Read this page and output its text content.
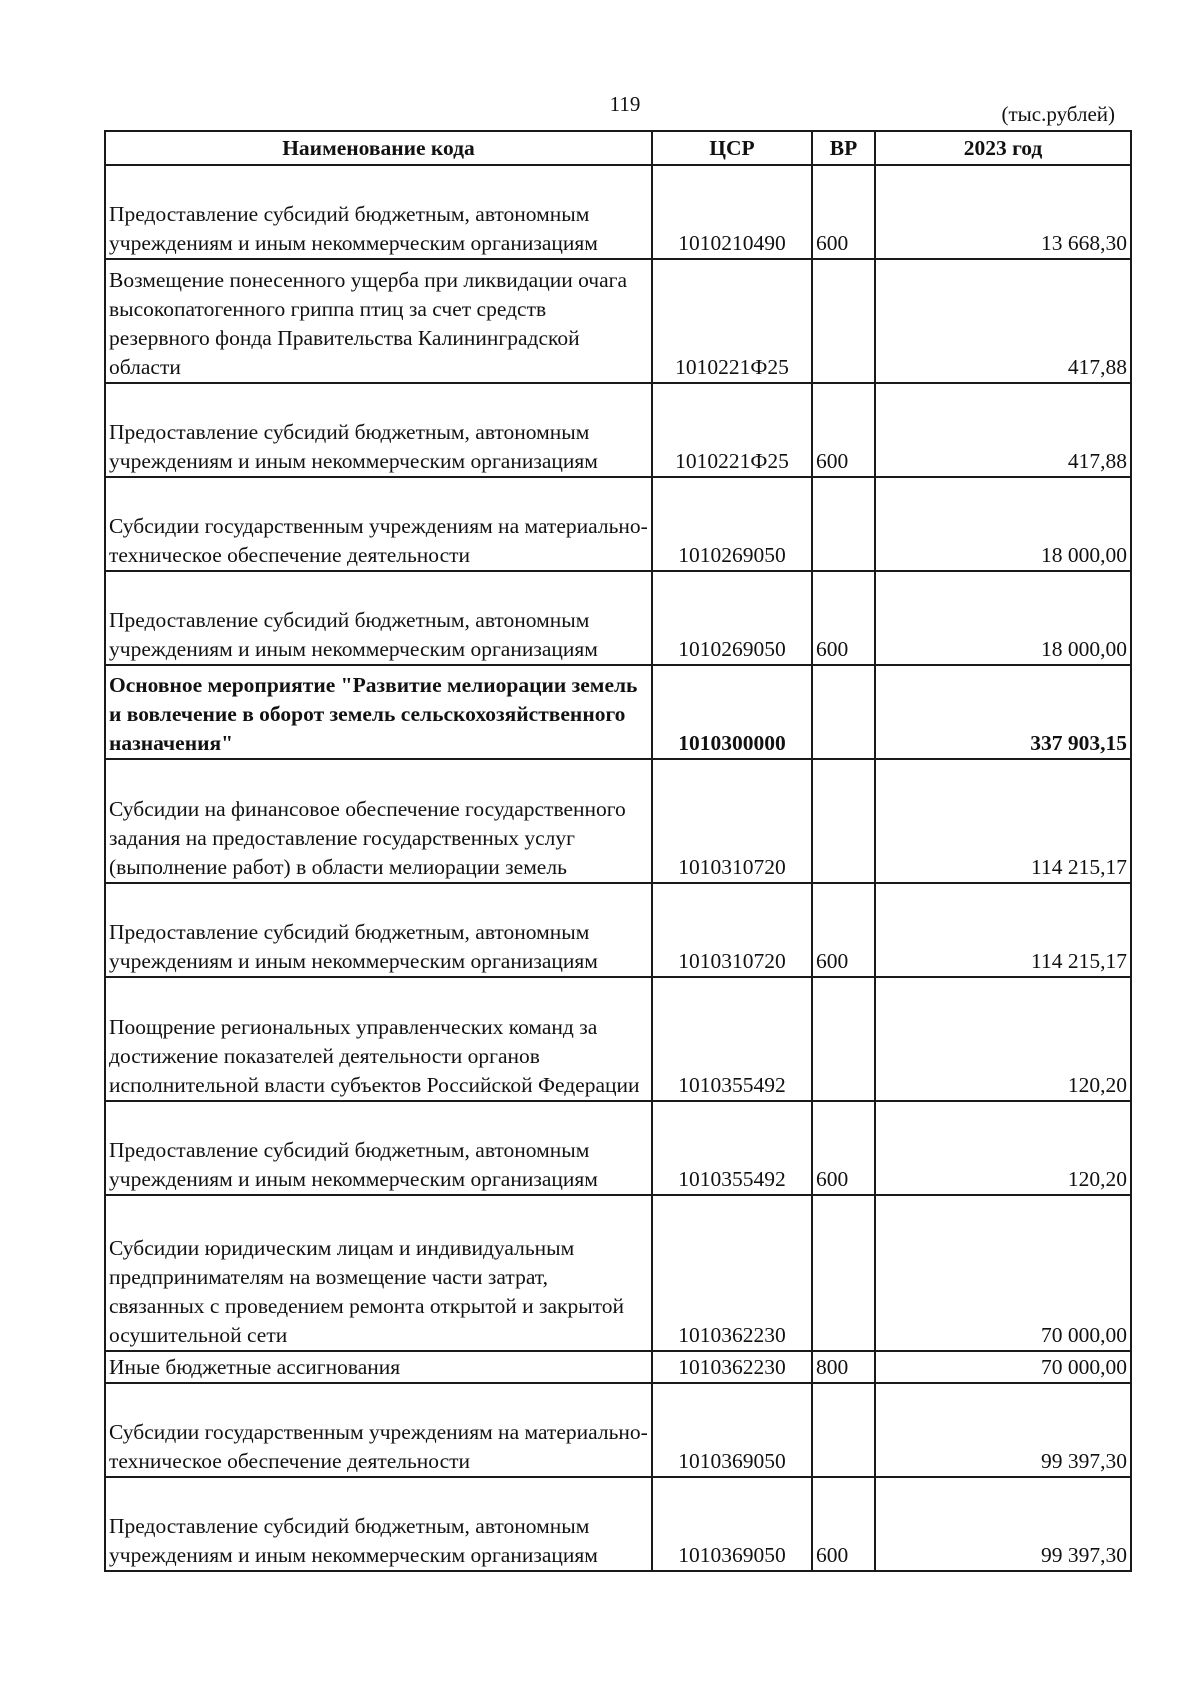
119	(тыс.рублей)
Наименование кода	ЦСР	ВР	2023 год
Предоставление субсидий бюджетным, автономным учреждениям и иным некоммерческим организациям	1010210490	600	13 668,30
Возмещение понесенного ущерба при ликвидации очага высокопатогенного гриппа птиц за счет средств резервного фонда Правительства Калининградской области	1010221Ф25		417,88
Предоставление субсидий бюджетным, автономным учреждениям и иным некоммерческим организациям	1010221Ф25	600	417,88
Субсидии государственным учреждениям на материально-техническое обеспечение деятельности	1010269050		18 000,00
Предоставление субсидий бюджетным, автономным учреждениям и иным некоммерческим организациям	1010269050	600	18 000,00
Основное мероприятие "Развитие мелиорации земель и вовлечение в оборот земель сельскохозяйственного назначения"	1010300000		337 903,15
Субсидии на финансовое обеспечение государственного задания на предоставление государственных услуг (выполнение работ) в области мелиорации земель	1010310720		114 215,17
Предоставление субсидий бюджетным, автономным учреждениям и иным некоммерческим организациям	1010310720	600	114 215,17
Поощрение региональных управленческих команд за достижение показателей деятельности органов исполнительной власти субъектов Российской Федерации	1010355492		120,20
Предоставление субсидий бюджетным, автономным учреждениям и иным некоммерческим организациям	1010355492	600	120,20
Субсидии юридическим лицам и индивидуальным предпринимателям на возмещение части затрат, связанных с проведением ремонта открытой и закрытой осушительной сети	1010362230		70 000,00
Иные бюджетные ассигнования	1010362230	800	70 000,00
Субсидии государственным учреждениям на материально-техническое обеспечение деятельности	1010369050		99 397,30
Предоставление субсидий бюджетным, автономным учреждениям и иным некоммерческим организациям	1010369050	600	99 397,30
